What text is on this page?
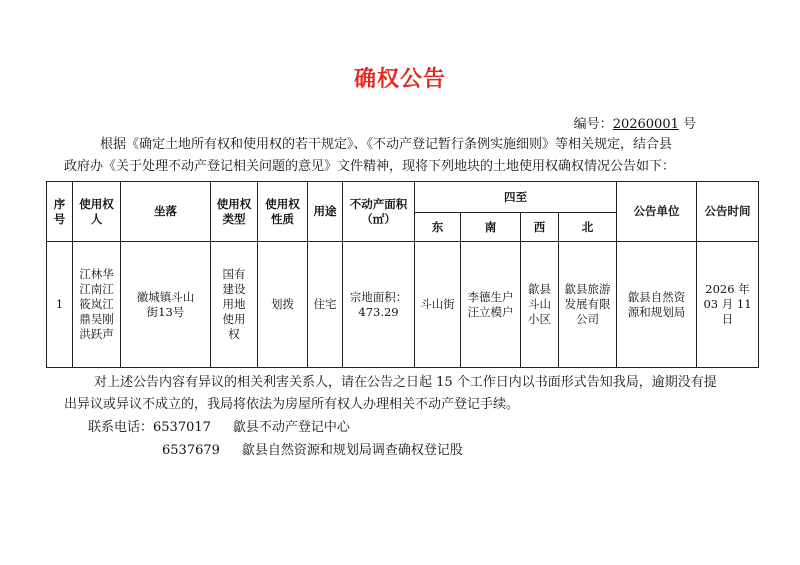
确权公告
编号：20260001 号
根据《确定土地所有权和使用权的若干规定》、《不动产登记暂行条例实施细则》等相关规定，结合县
政府办《关于处理不动产登记相关问题的意见》文件精神，现将下列地块的土地使用权确权情况公告如下：
序号	使用权人	坐落	使用权类型	使用权性质	用途	不动产面积（㎡）	四至				公告单位	公告时间
							东	南	西	北		
1	江林华江南江筱岚江鼎吴刚洪跃声	徽城镇斗山街13号	国有建设用地使用权	划拨	住宅	宗地面积：473.29	斗山街	李德生户汪立模户	歙县斗山小区	歙县旅游发展有限公司	歙县自然资源和规划局	2026 年 03 月 11 日
对上述公告内容有异议的相关利害关系人，请在公告之日起 15 个工作日内以书面形式告知我局，逾期没有提
出异议或异议不成立的，我局将依法为房屋所有权人办理相关不动产登记手续。
联系电话：6537017 歙县不动产登记中心
6537679 歙县自然资源和规划局调查确权登记股
